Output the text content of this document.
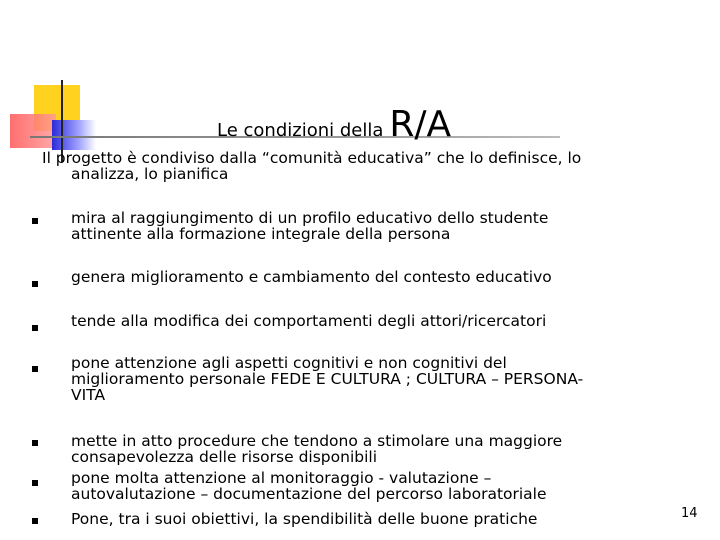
Le condizioni della R/A
Il progetto è condiviso dalla “comunità educativa” che lo definisce, lo
analizza, lo pianifica
mira al raggiungimento di un profilo educativo dello studente
attinente alla formazione integrale della persona
genera miglioramento e cambiamento del contesto educativo
tende alla modifica dei comportamenti degli attori/ricercatori
pone attenzione agli aspetti cognitivi e non cognitivi del
miglioramento personale FEDE E CULTURA ; CULTURA – PERSONA-
VITA
mette in atto procedure che tendono a stimolare una maggiore
consapevolezza delle risorse disponibili
pone molta attenzione al monitoraggio - valutazione –
autovalutazione – documentazione del percorso laboratoriale
Pone, tra i suoi obiettivi, la spendibilità delle buone pratiche	14
